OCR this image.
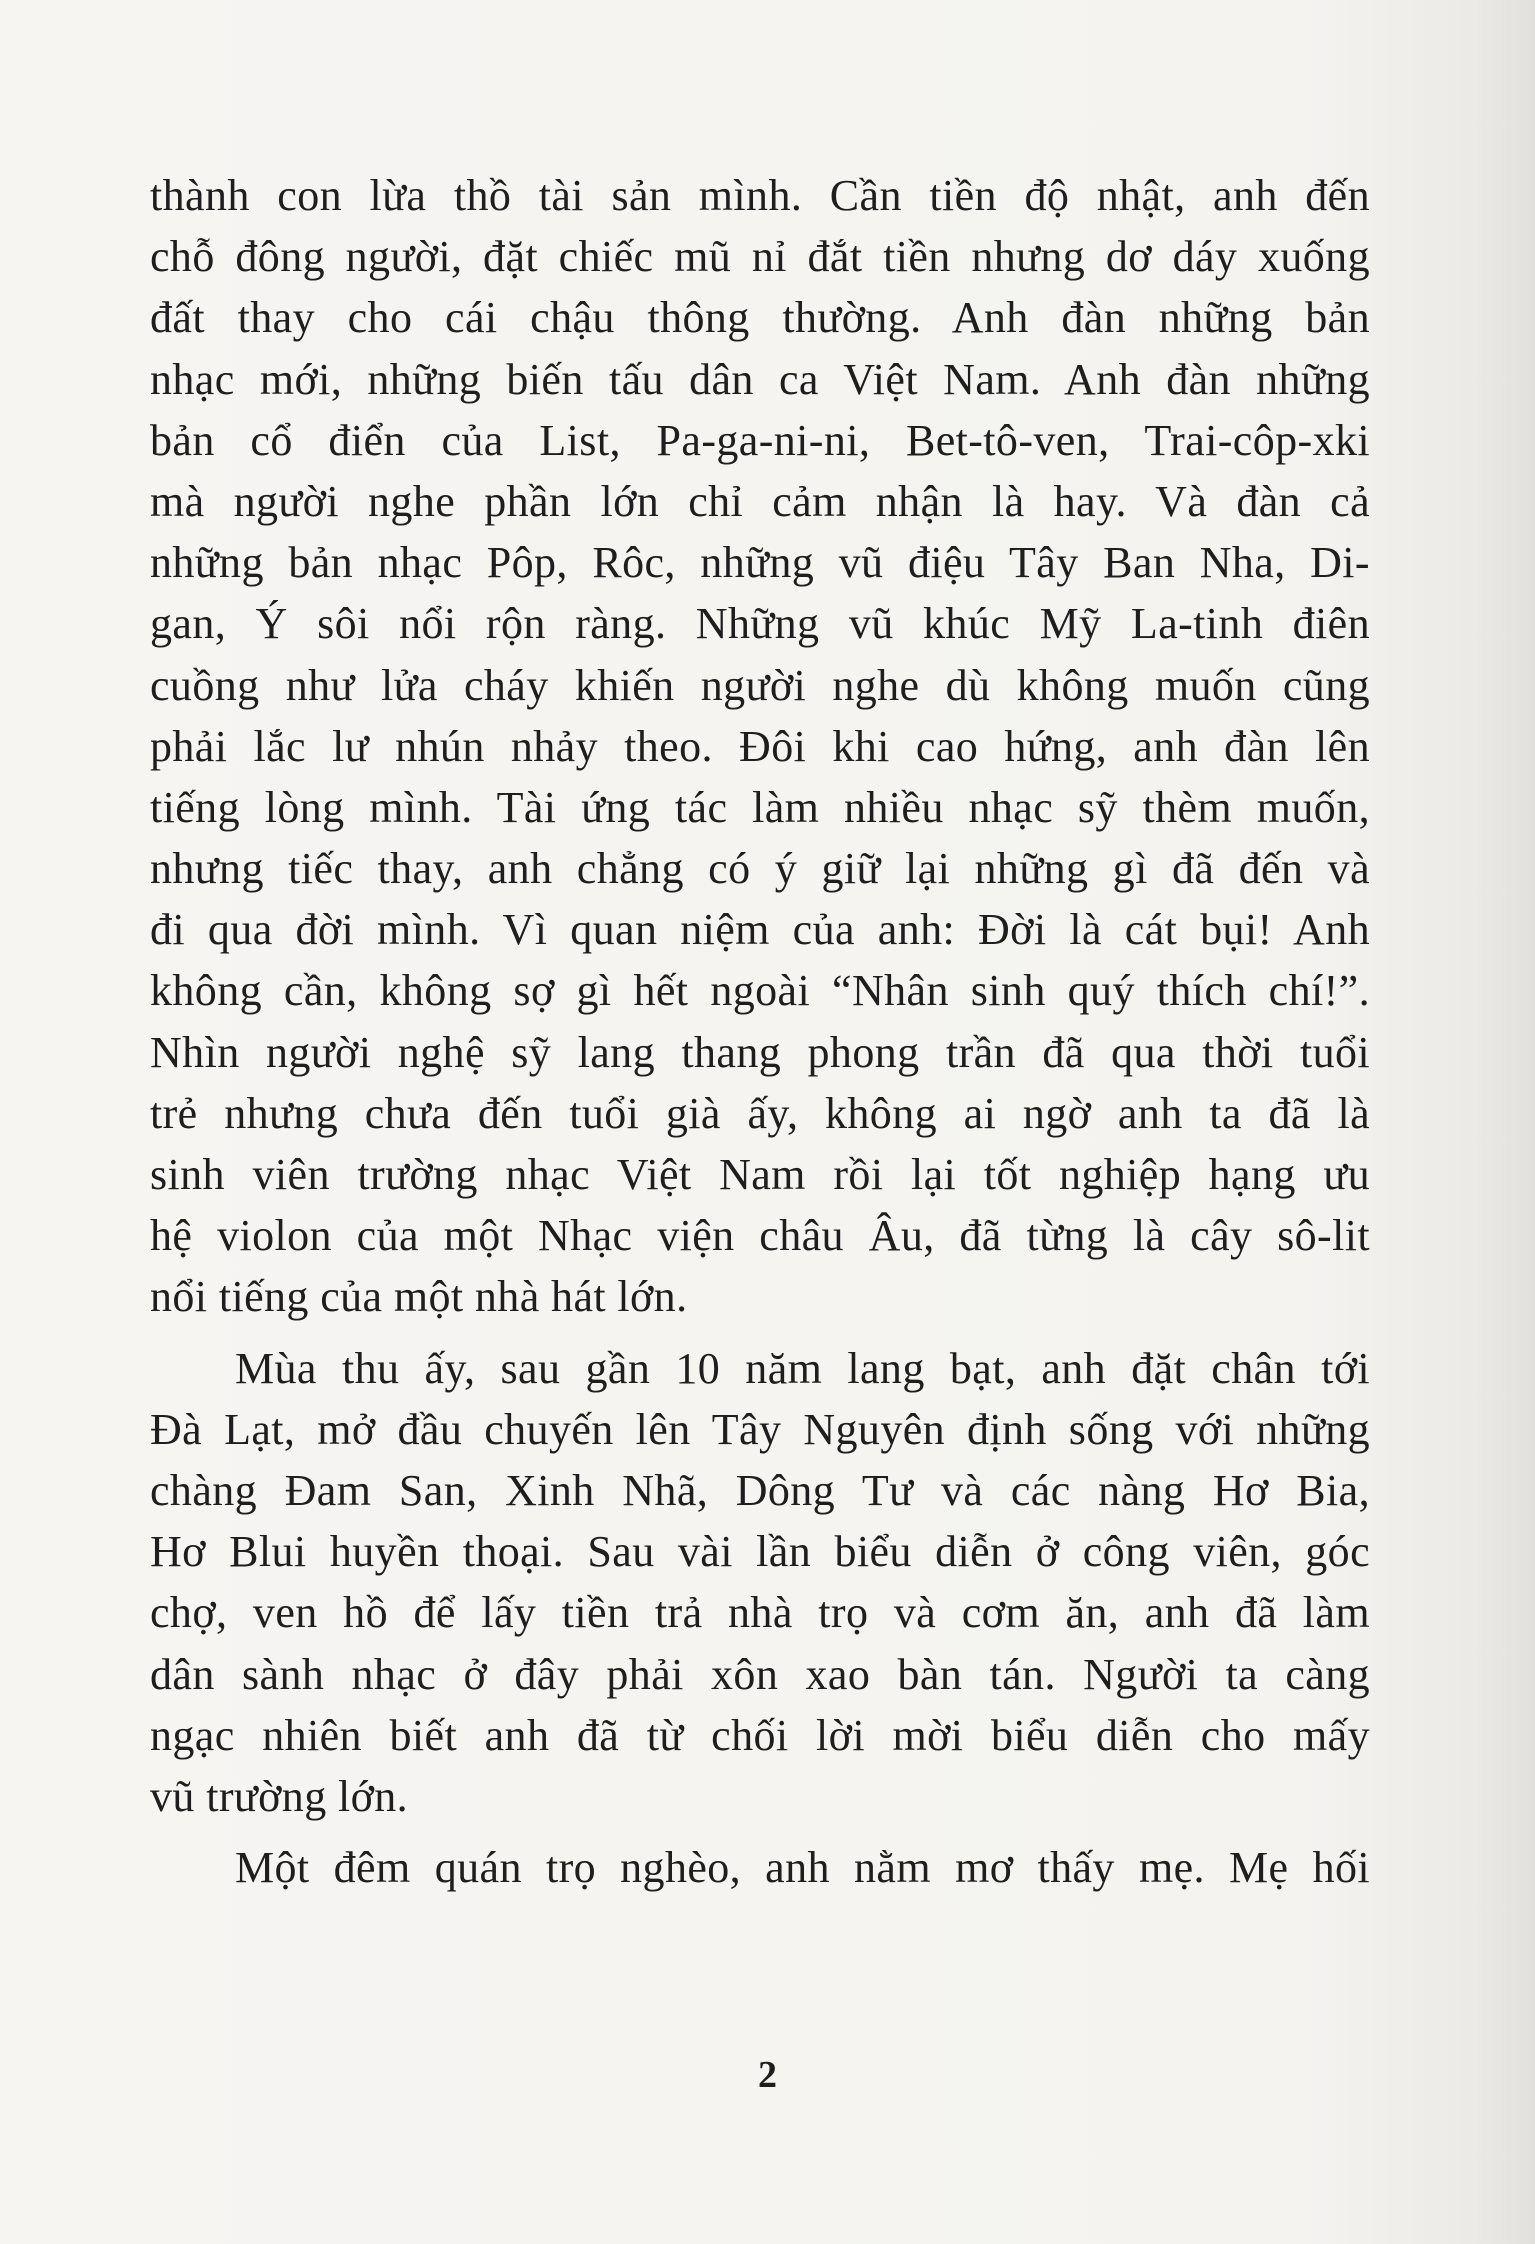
thành con lừa thồ tài sản mình. Cần tiền độ nhật, anh đến
chỗ đông người, đặt chiếc mũ nỉ đắt tiền nhưng dơ dáy xuống
đất thay cho cái chậu thông thường. Anh đàn những bản
nhạc mới, những biến tấu dân ca Việt Nam. Anh đàn những
bản cổ điển của List, Pa-ga-ni-ni, Bet-tô-ven, Trai-côp-xki
mà người nghe phần lớn chỉ cảm nhận là hay. Và đàn cả
những bản nhạc Pôp, Rôc, những vũ điệu Tây Ban Nha, Di-
gan, Ý sôi nổi rộn ràng. Những vũ khúc Mỹ La-tinh điên
cuồng như lửa cháy khiến người nghe dù không muốn cũng
phải lắc lư nhún nhảy theo. Đôi khi cao hứng, anh đàn lên
tiếng lòng mình. Tài ứng tác làm nhiều nhạc sỹ thèm muốn,
nhưng tiếc thay, anh chẳng có ý giữ lại những gì đã đến và
đi qua đời mình. Vì quan niệm của anh: Đời là cát bụi! Anh
không cần, không sợ gì hết ngoài “Nhân sinh quý thích chí!”.
Nhìn người nghệ sỹ lang thang phong trần đã qua thời tuổi
trẻ nhưng chưa đến tuổi già ấy, không ai ngờ anh ta đã là
sinh viên trường nhạc Việt Nam rồi lại tốt nghiệp hạng ưu
hệ violon của một Nhạc viện châu Âu, đã từng là cây sô-lit
nổi tiếng của một nhà hát lớn.
Mùa thu ấy, sau gần 10 năm lang bạt, anh đặt chân tới
Đà Lạt, mở đầu chuyến lên Tây Nguyên định sống với những
chàng Đam San, Xinh Nhã, Dông Tư và các nàng Hơ Bia,
Hơ Blui huyền thoại. Sau vài lần biểu diễn ở công viên, góc
chợ, ven hồ để lấy tiền trả nhà trọ và cơm ăn, anh đã làm
dân sành nhạc ở đây phải xôn xao bàn tán. Người ta càng
ngạc nhiên biết anh đã từ chối lời mời biểu diễn cho mấy
vũ trường lớn.
Một đêm quán trọ nghèo, anh nằm mơ thấy mẹ. Mẹ hối
2
